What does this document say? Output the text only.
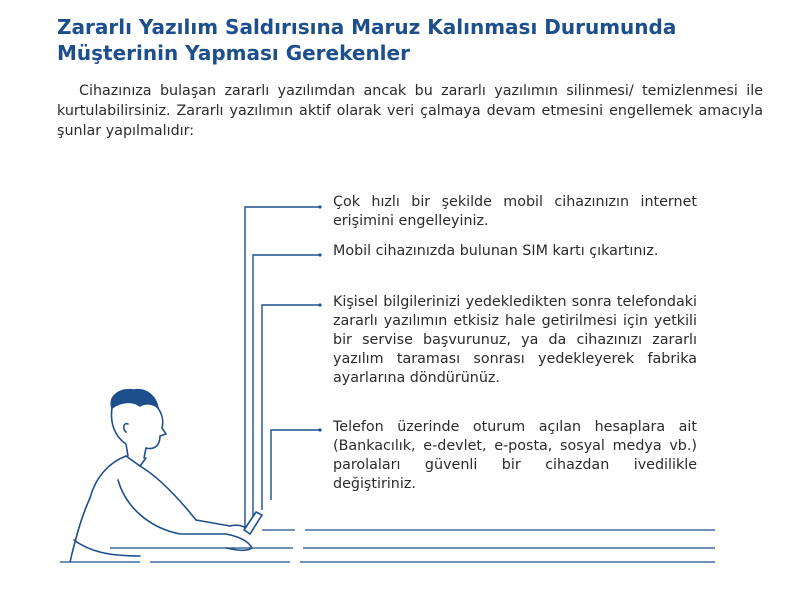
Zararlı Yazılım Saldırısına Maruz Kalınması Durumunda
Müşterinin Yapması Gerekenler

Cihazınıza bulaşan zararlı yazılımdan ancak bu zararlı yazılımın silinmesi/ temizlenmesi ile kurtulabilirsiniz. Zararlı yazılımın aktif olarak veri çalmaya devam etmesini engellemek amacıyla şunlar yapılmalıdır:

Çok hızlı bir şekilde mobil cihazınızın internet erişimini engelleyiniz.

Mobil cihazınızda bulunan SIM kartı çıkartınız.

Kişisel bilgilerinizi yedekledikten sonra telefondaki zararlı yazılımın etkisiz hale getirilmesi için yetkili bir servise başvurunuz, ya da cihazınızı zararlı yazılım taraması sonrası yedekleyerek fabrika ayarlarına döndürünüz.

Telefon üzerinde oturum açılan hesaplara ait (Bankacılık, e-devlet, e-posta, sosyal medya vb.) parolaları güvenli bir cihazdan ivedilikle değiştiriniz.
